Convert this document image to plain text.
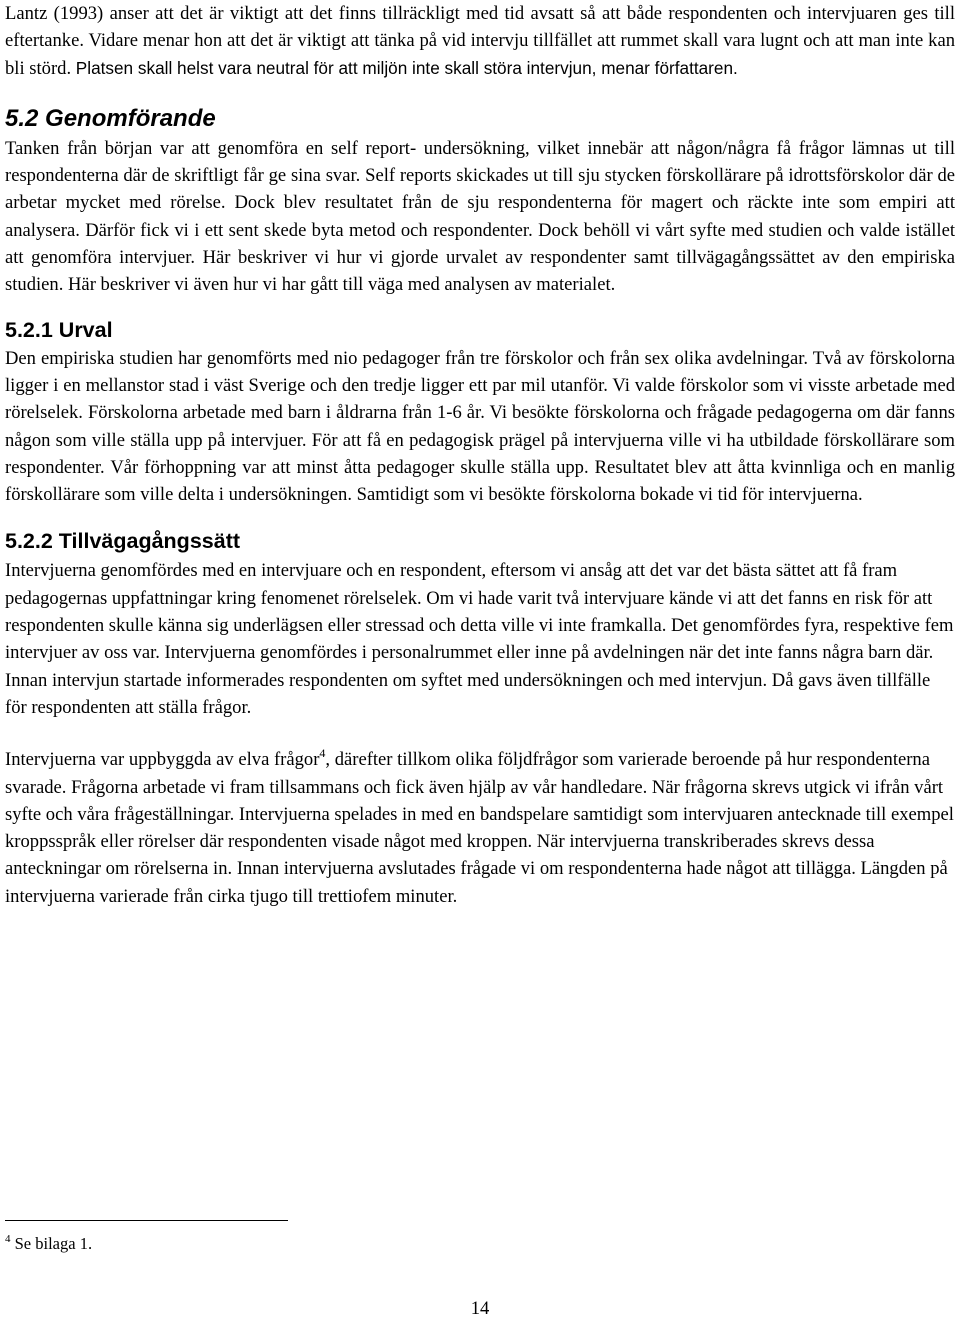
Lantz (1993) anser att det är viktigt att det finns tillräckligt med tid avsatt så att både respondenten och intervjuaren ges till eftertanke. Vidare menar hon att det är viktigt att tänka på vid intervju tillfället att rummet skall vara lugnt och att man inte kan bli störd. Platsen skall helst vara neutral för att miljön inte skall störa intervjun, menar författaren.

5.2 Genomförande

Tanken från början var att genomföra en self report- undersökning, vilket innebär att någon/några få frågor lämnas ut till respondenterna där de skriftligt får ge sina svar. Self reports skickades ut till sju stycken förskollärare på idrottsförskolor där de arbetar mycket med rörelse. Dock blev resultatet från de sju respondenterna för magert och räckte inte som empiri att analysera. Därför fick vi i ett sent skede byta metod och respondenter. Dock behöll vi vårt syfte med studien och valde istället att genomföra intervjuer. Här beskriver vi hur vi gjorde urvalet av respondenter samt tillvägagångssättet av den empiriska studien. Här beskriver vi även hur vi har gått till väga med analysen av materialet.

5.2.1 Urval

Den empiriska studien har genomförts med nio pedagoger från tre förskolor och från sex olika avdelningar. Två av förskolorna ligger i en mellanstor stad i väst Sverige och den tredje ligger ett par mil utanför. Vi valde förskolor som vi visste arbetade med rörelselek. Förskolorna arbetade med barn i åldrarna från 1-6 år. Vi besökte förskolorna och frågade pedagogerna om där fanns någon som ville ställa upp på intervjuer. För att få en pedagogisk prägel på intervjuerna ville vi ha utbildade förskollärare som respondenter. Vår förhoppning var att minst åtta pedagoger skulle ställa upp. Resultatet blev att åtta kvinnliga och en manlig förskollärare som ville delta i undersökningen. Samtidigt som vi besökte förskolorna bokade vi tid för intervjuerna.

5.2.2 Tillvägagångssätt

Intervjuerna genomfördes med en intervjuare och en respondent, eftersom vi ansåg att det var det bästa sättet att få fram pedagogernas uppfattningar kring fenomenet rörelselek. Om vi hade varit två intervjuare kände vi att det fanns en risk för att respondenten skulle känna sig underlägsen eller stressad och detta ville vi inte framkalla. Det genomfördes fyra, respektive fem intervjuer av oss var. Intervjuerna genomfördes i personalrummet eller inne på avdelningen när det inte fanns några barn där. Innan intervjun startade informerades respondenten om syftet med undersökningen och med intervjun. Då gavs även tillfälle för respondenten att ställa frågor.

Intervjuerna var uppbyggda av elva frågor$^4$, därefter tillkom olika följdfrågor som varierade beroende på hur respondenterna svarade. Frågorna arbetade vi fram tillsammans och fick även hjälp av vår handledare. När frågorna skrevs utgick vi ifrån vårt syfte och våra frågeställningar. Intervjuerna spelades in med en bandspelare samtidigt som intervjuaren antecknade till exempel kroppsspråk eller rörelser där respondenten visade något med kroppen. När intervjuerna transkriberades skrevs dessa anteckningar om rörelserna in. Innan intervjuerna avslutades frågade vi om respondenterna hade något att tillägga. Längden på intervjuerna varierade från cirka tjugo till trettiofem minuter.

$^4$ Se bilaga 1.
14
